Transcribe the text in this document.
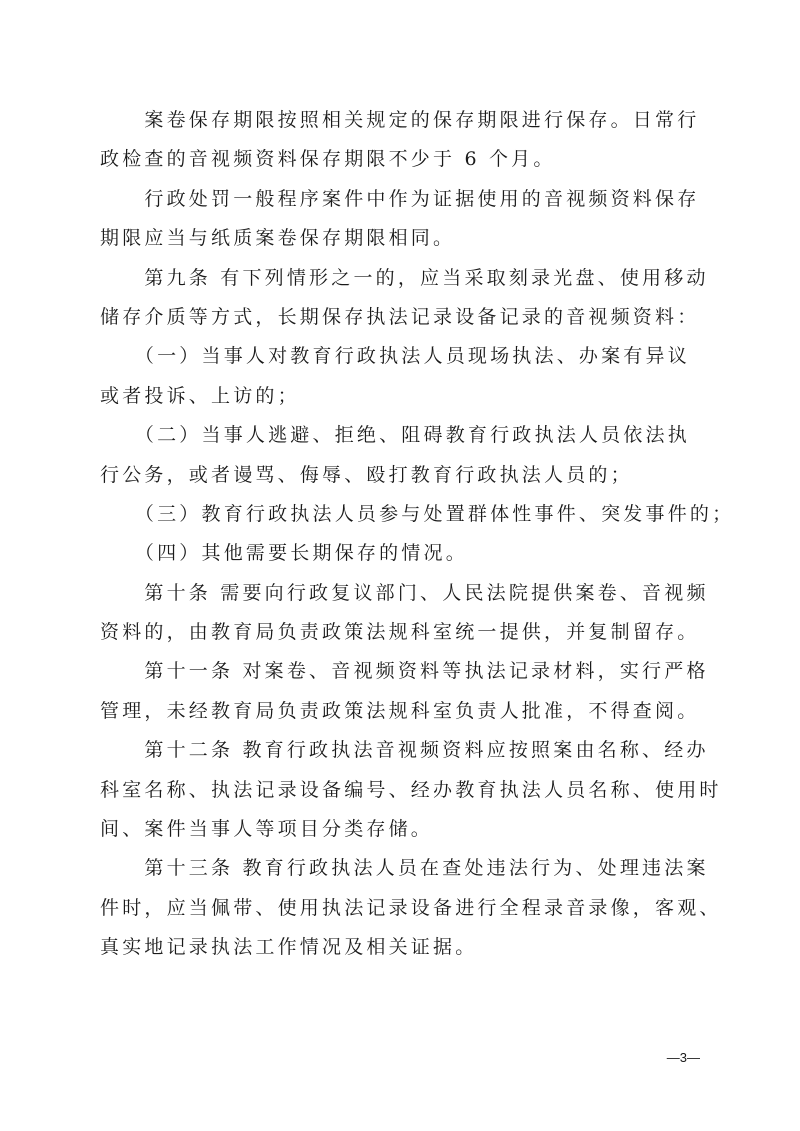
　　案卷保存期限按照相关规定的保存期限进行保存。日常行
政检查的音视频资料保存期限不少于 6 个月。
　　行政处罚一般程序案件中作为证据使用的音视频资料保存
期限应当与纸质案卷保存期限相同。
　　第九条 有下列情形之一的，应当采取刻录光盘、使用移动
储存介质等方式，长期保存执法记录设备记录的音视频资料：
　　（一）当事人对教育行政执法人员现场执法、办案有异议
或者投诉、上访的；
　　（二）当事人逃避、拒绝、阻碍教育行政执法人员依法执
行公务，或者谩骂、侮辱、殴打教育行政执法人员的；
　　（三）教育行政执法人员参与处置群体性事件、突发事件的；
　　（四）其他需要长期保存的情况。
　　第十条 需要向行政复议部门、人民法院提供案卷、音视频
资料的，由教育局负责政策法规科室统一提供，并复制留存。
　　第十一条 对案卷、音视频资料等执法记录材料，实行严格
管理，未经教育局负责政策法规科室负责人批准，不得查阅。
　　第十二条 教育行政执法音视频资料应按照案由名称、经办
科室名称、执法记录设备编号、经办教育执法人员名称、使用时
间、案件当事人等项目分类存储。
　　第十三条 教育行政执法人员在查处违法行为、处理违法案
件时，应当佩带、使用执法记录设备进行全程录音录像，客观、
真实地记录执法工作情况及相关证据。
—3—
